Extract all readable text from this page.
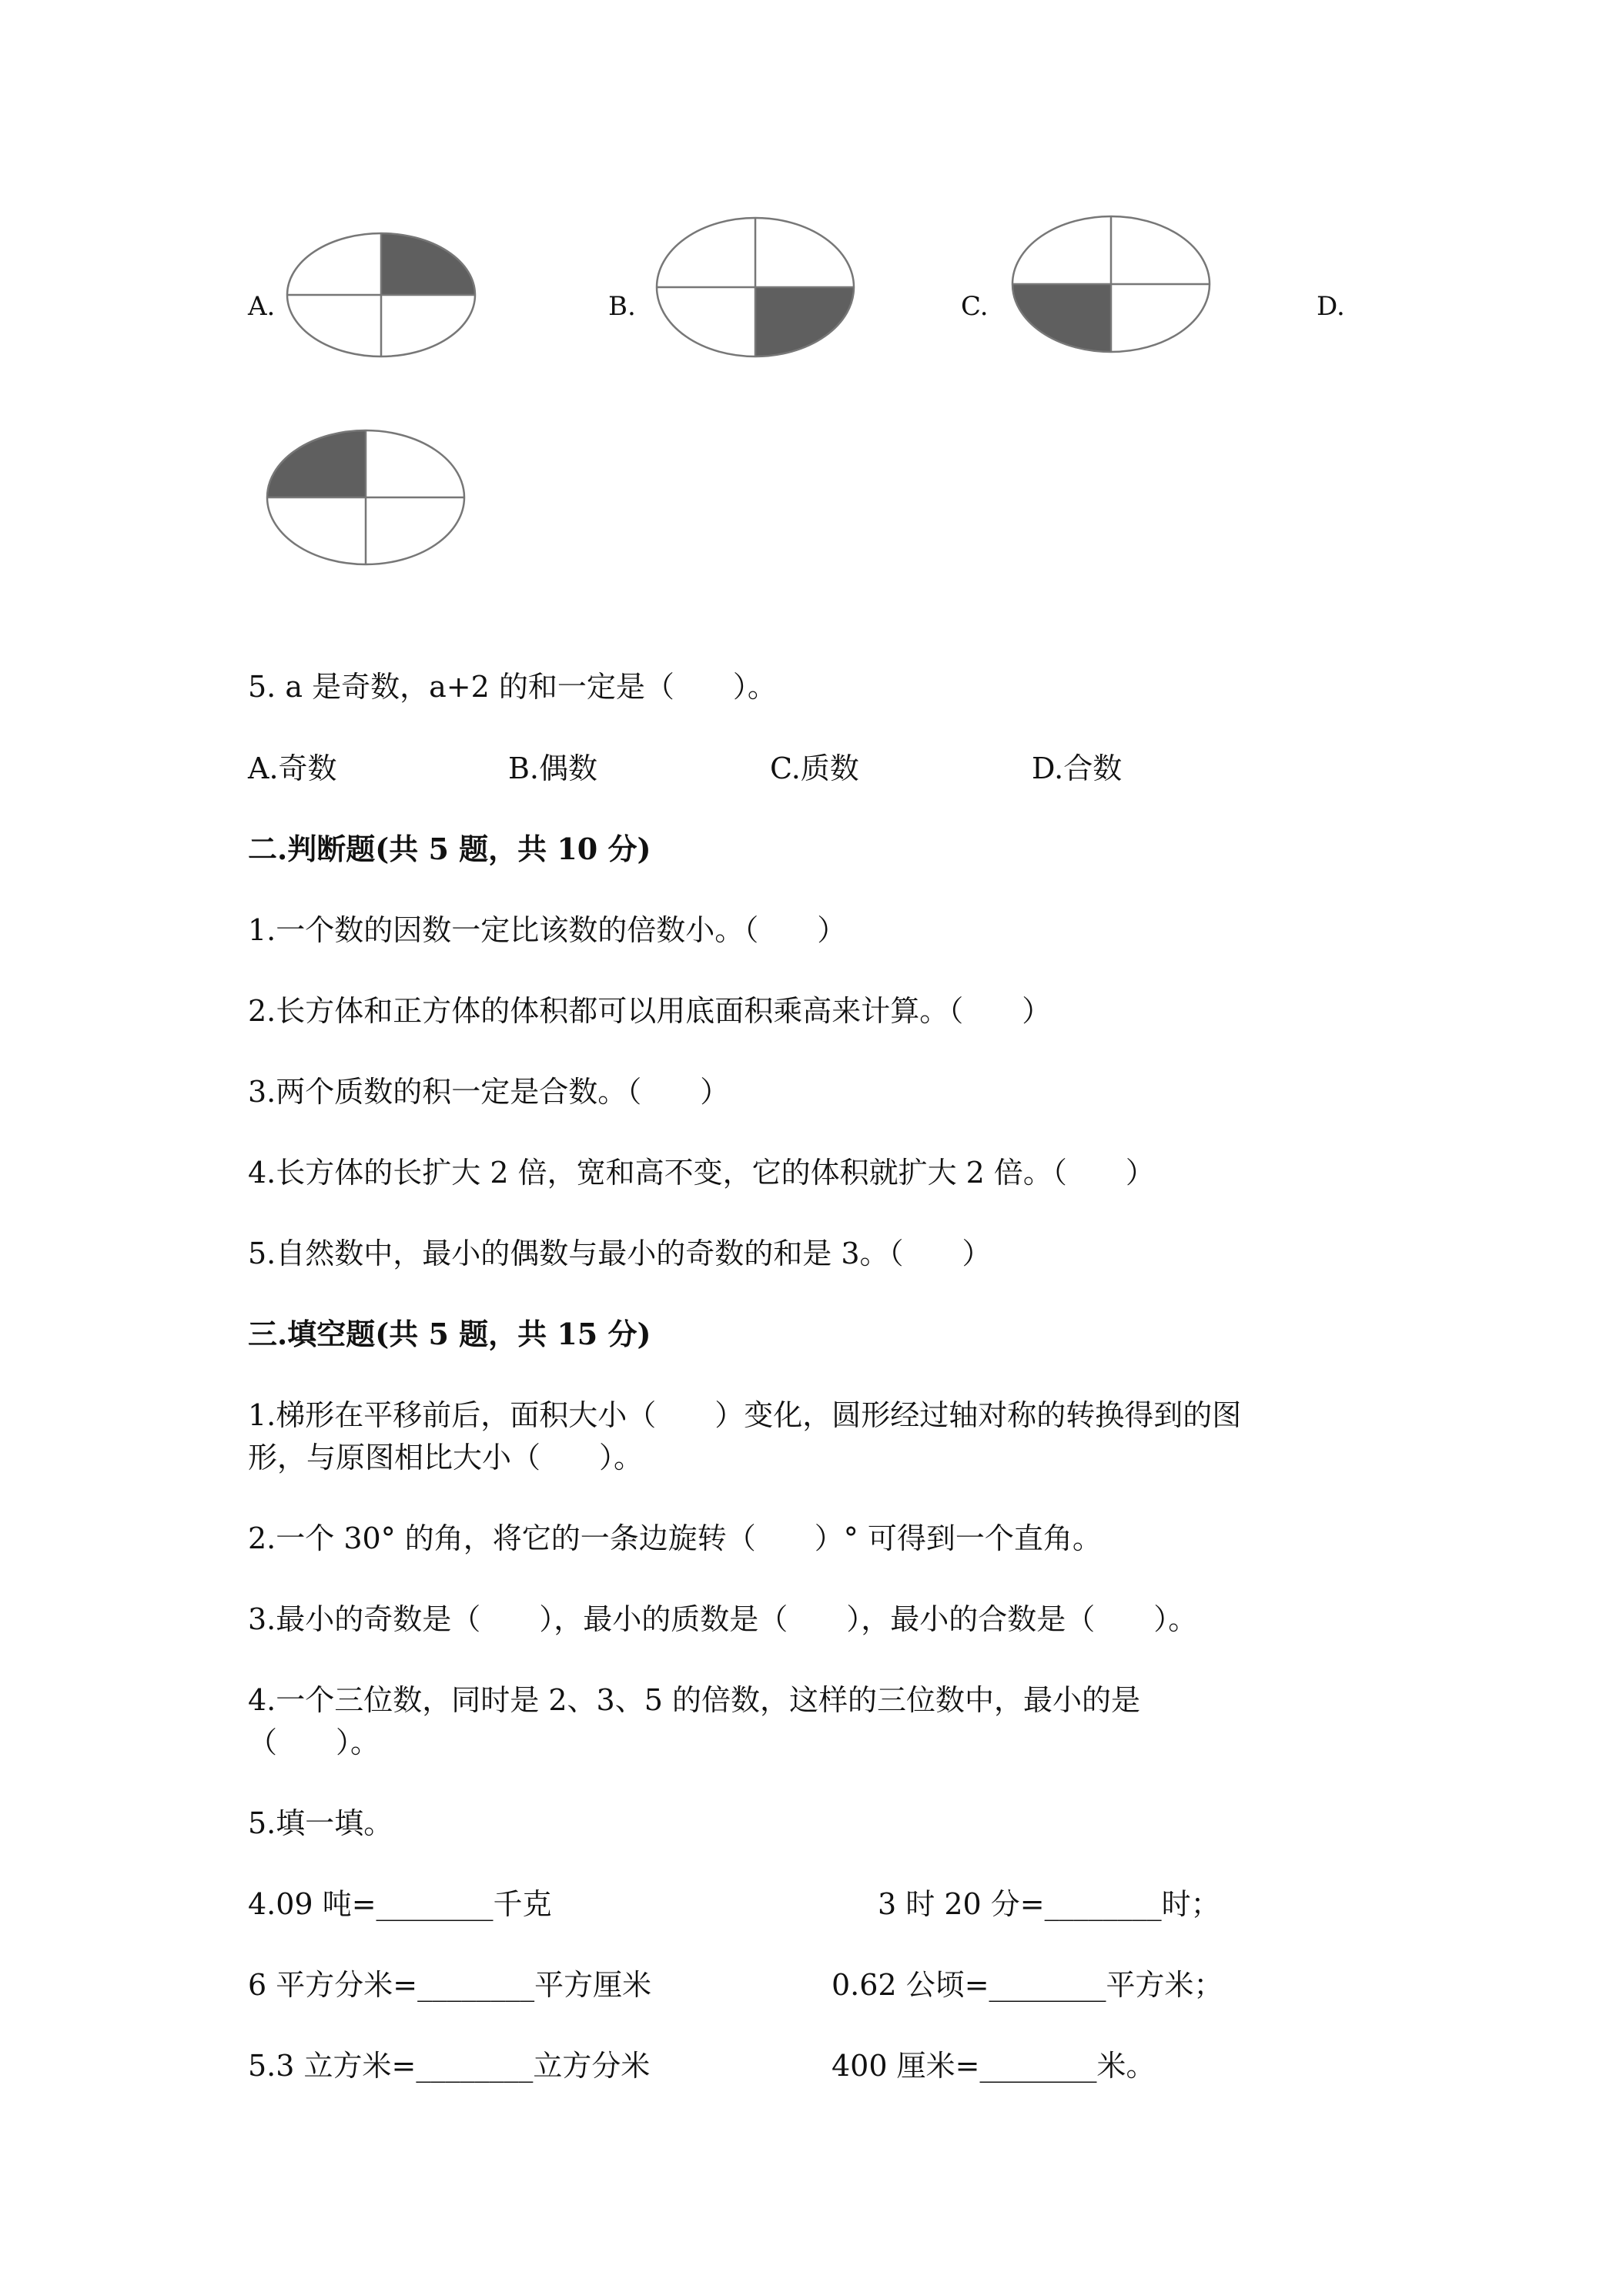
A.	B.	C.	D.
5. a 是奇数，a+2 的和一定是（　　）。
A.奇数	B.偶数	C.质数	D.合数
二.判断题(共 5 题，共 10 分)
1.一个数的因数一定比该数的倍数小。（　　）
2.长方体和正方体的体积都可以用底面积乘高来计算。（　　）
3.两个质数的积一定是合数。（　　）
4.长方体的长扩大 2 倍，宽和高不变，它的体积就扩大 2 倍。（　　）
5.自然数中，最小的偶数与最小的奇数的和是 3。（　　）
三.填空题(共 5 题，共 15 分)
1.梯形在平移前后，面积大小（　　）变化，圆形经过轴对称的转换得到的图
形，与原图相比大小（　　）。
2.一个 30° 的角，将它的一条边旋转（　　）° 可得到一个直角。
3.最小的奇数是（　　），最小的质数是（　　），最小的合数是（　　）。
4.一个三位数，同时是 2、3、5 的倍数，这样的三位数中，最小的是
（　　）。
5.填一填。
4.09 吨=________千克	3 时 20 分=________时；
6 平方分米=________平方厘米	0.62 公顷=________平方米；
5.3 立方米=________立方分米	400 厘米=________米。
